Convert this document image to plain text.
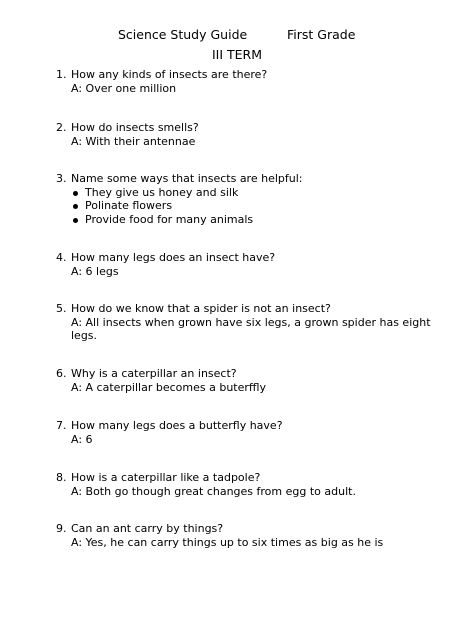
Science Study Guide	First Grade
III TERM
1. How any kinds of insects are there?
A: Over one million
2. How do insects smells?
A: With their antennae
3. Name some ways that insects are helpful:
They give us honey and silk
Polinate flowers
Provide food for many animals
4. How many legs does an insect have?
A: 6 legs
5. How do we know that a spider is not an insect?
A: All insects when grown have six legs, a grown spider has eight legs.
6. Why is a caterpillar an insect?
A: A caterpillar becomes a buterffly
7. How many legs does a butterfly have?
A: 6
8. How is a caterpillar like a tadpole?
A: Both go though great changes from egg to adult.
9. Can an ant carry by things?
A: Yes, he can carry things up to six times as big as he is
